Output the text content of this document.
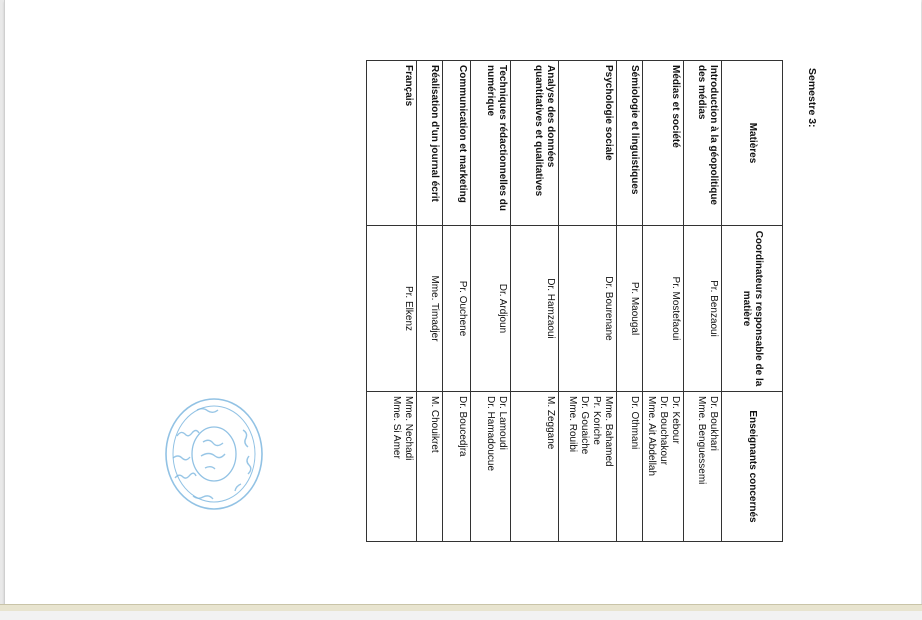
Semestre 3:
Matières	Coordinateurs responsable de la matière	Enseignants concernés
Introduction à la géopolitique des médias	Pr. Benzaoui	Dr. Boukhari
Mme. Benguessemi

Médias et société	Pr. Mostefaoui	Dr. Kebour
Dr. Bouchakour
Mme. Ait Abdellah

Sémiologie et linguistiques	Pr. Maougal	Dr. Othmani

Psychologie sociale	Dr. Bourenane	Mme. Bahamed
Pr. Koriche
Dr. Gouaiche
Mme. Rouibi

Analyse des données quantitatives et qualitatives	Dr. Hamzaoui	M. Zeggane

Techniques rédactionnelles du numérique	Dr. Ardjoun	Dr. Lamoudi
Dr. Hamadoucue

Communication et marketing	Pr. Ouchene	Dr. Boucedjra

Réalisation d'un journal écrit	Mme. Timadjer	M. Chouikret

Français	Pr. Elkenz	Mme. Nechadi
Mme. Si Amer
